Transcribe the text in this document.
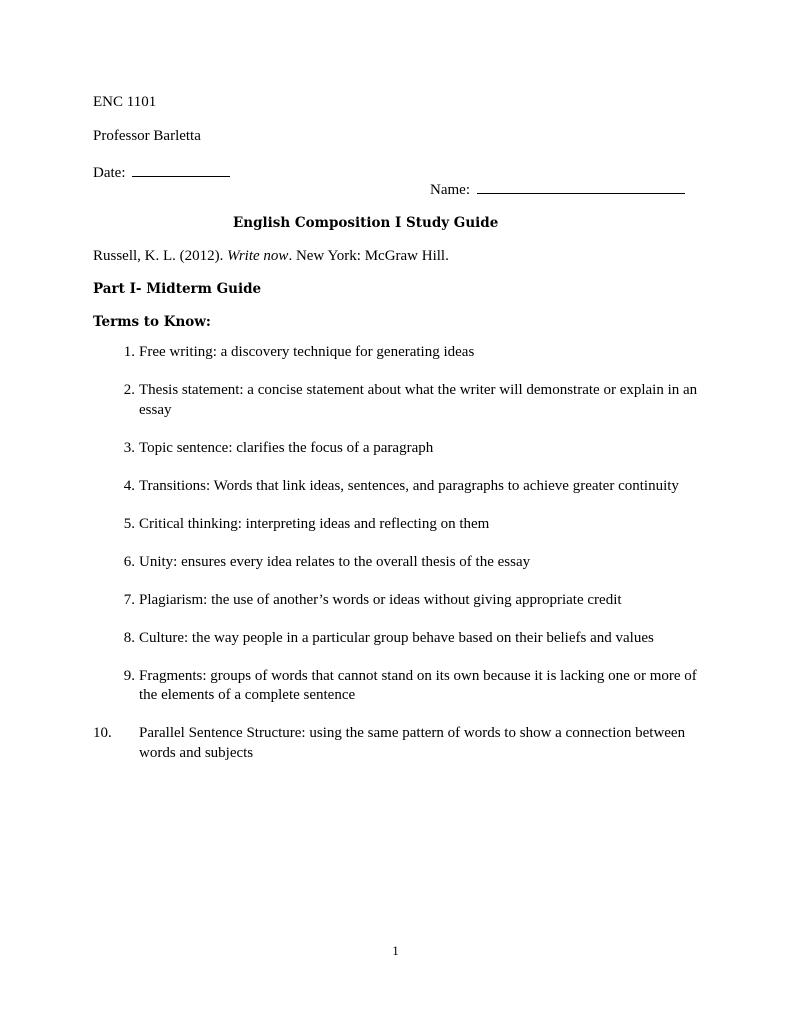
ENC 1101
Professor Barletta
Date:
Name:
English Composition I Study Guide
Russell, K. L. (2012). Write now. New York: McGraw Hill.
Part I- Midterm Guide
Terms to Know:
1. Free writing: a discovery technique for generating ideas
2. Thesis statement: a concise statement about what the writer will demonstrate or explain in an essay
3. Topic sentence: clarifies the focus of a paragraph
4. Transitions: Words that link ideas, sentences, and paragraphs to achieve greater continuity
5. Critical thinking: interpreting ideas and reflecting on them
6. Unity: ensures every idea relates to the overall thesis of the essay
7. Plagiarism: the use of another’s words or ideas without giving appropriate credit
8. Culture: the way people in a particular group behave based on their beliefs and values
9. Fragments: groups of words that cannot stand on its own because it is lacking one or more of the elements of a complete sentence
10.	Parallel Sentence Structure: using the same pattern of words to show a connection between words and subjects
1
